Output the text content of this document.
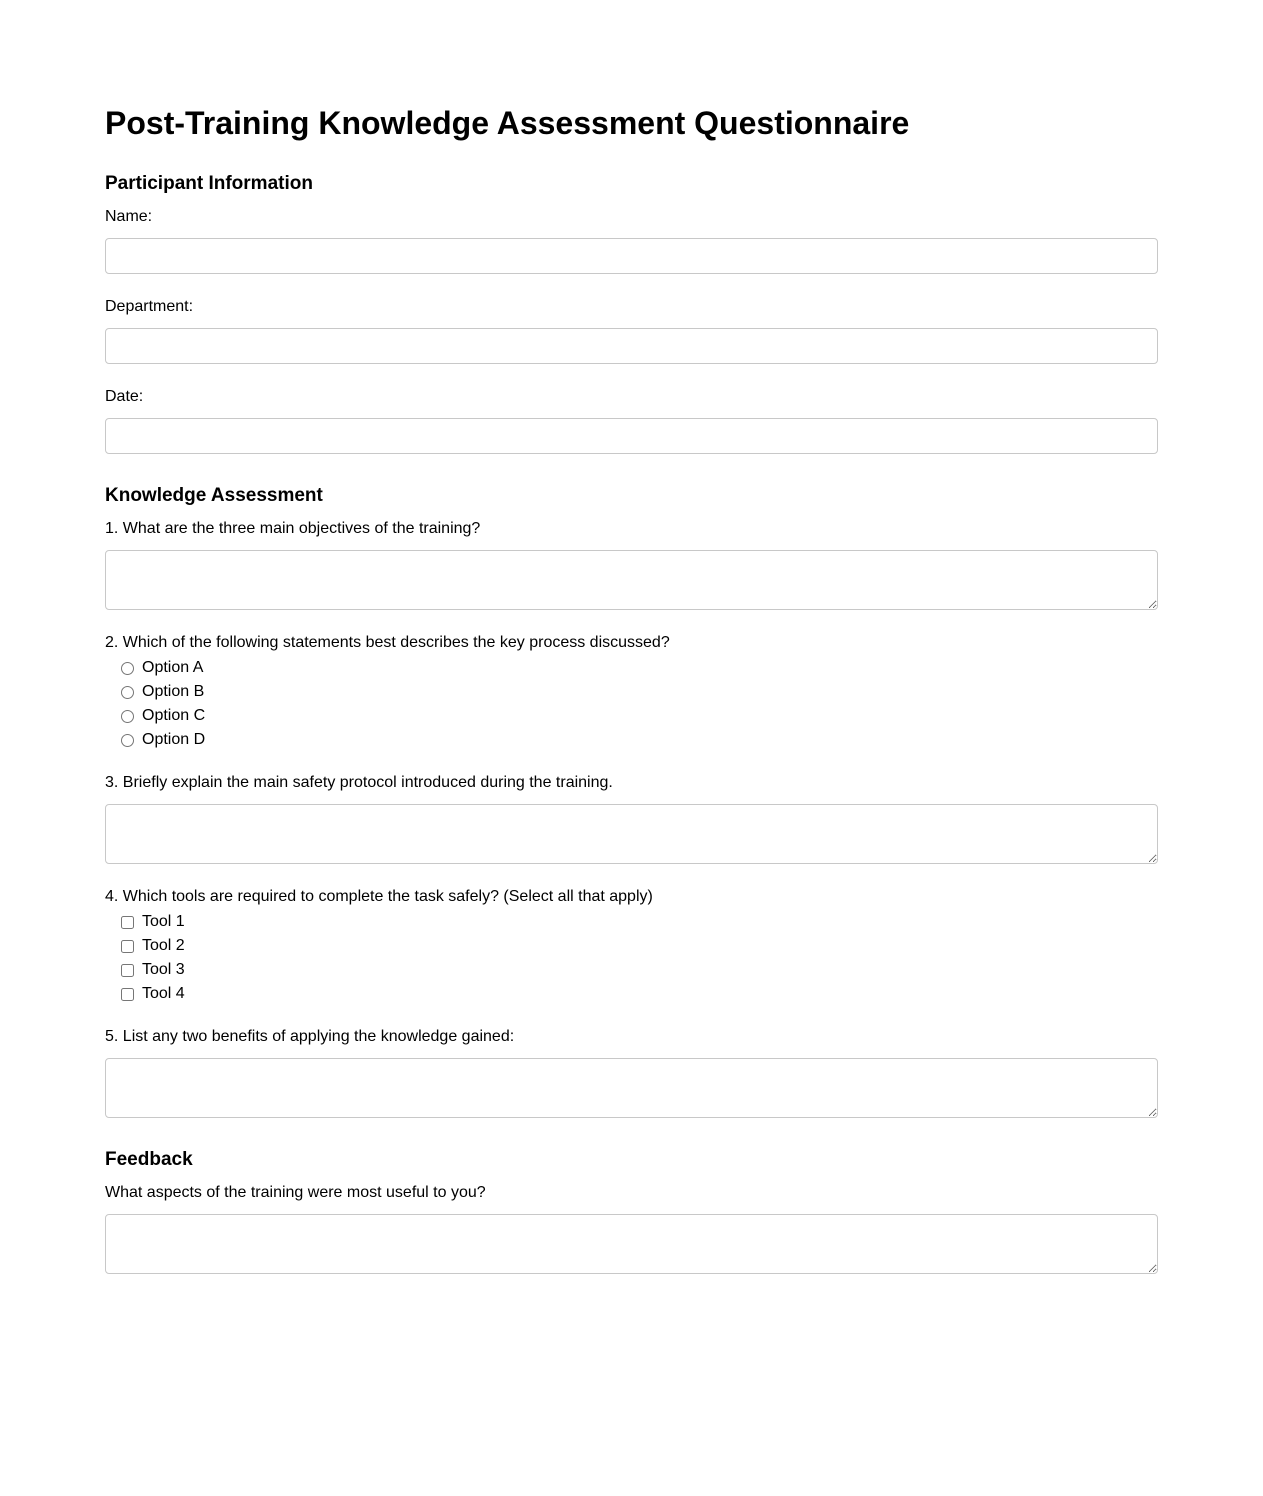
Post-Training Knowledge Assessment Questionnaire
Participant Information
Name:
Department:
Date:
Knowledge Assessment
1. What are the three main objectives of the training?
2. Which of the following statements best describes the key process discussed?
Option A
Option B
Option C
Option D
3. Briefly explain the main safety protocol introduced during the training.
4. Which tools are required to complete the task safely? (Select all that apply)
Tool 1
Tool 2
Tool 3
Tool 4
5. List any two benefits of applying the knowledge gained:
Feedback
What aspects of the training were most useful to you?
